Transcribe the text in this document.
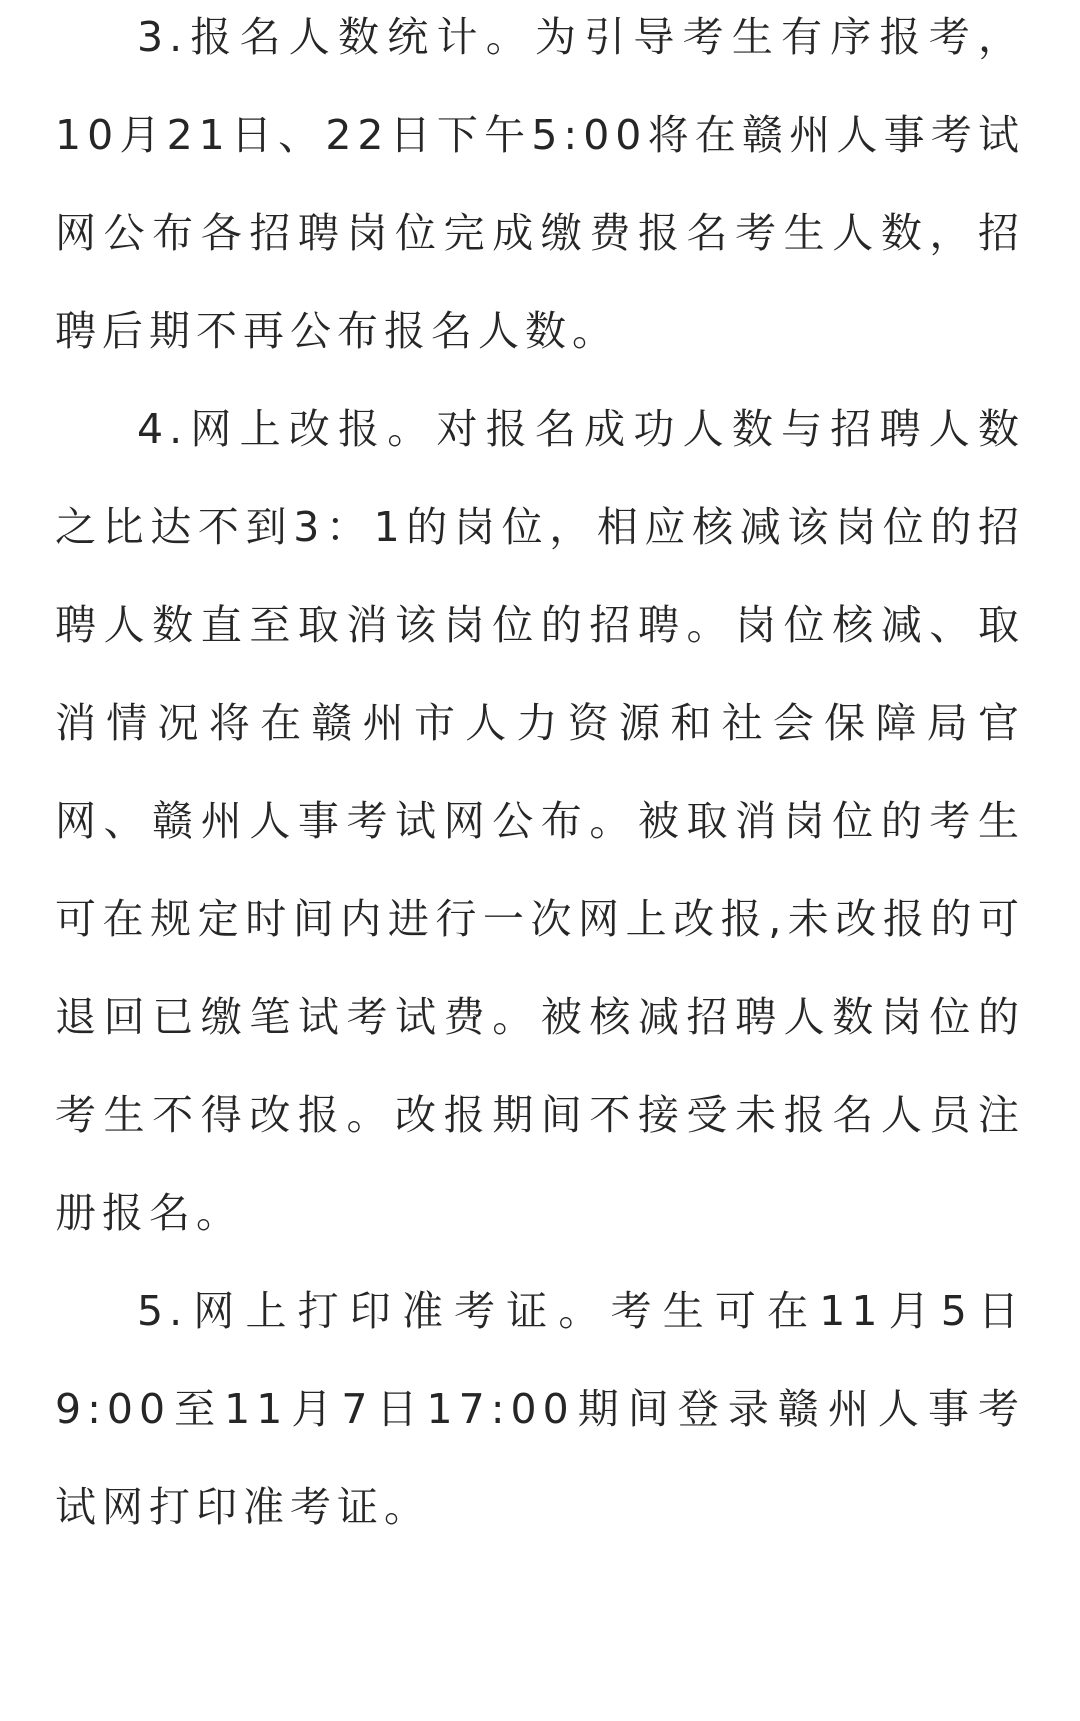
3.报名人数统计。为引导考生有序报考，10月21日、22日下午5:00将在赣州人事考试网公布各招聘岗位完成缴费报名考生人数，招聘后期不再公布报名人数。

4.网上改报。对报名成功人数与招聘人数之比达不到3：1的岗位，相应核减该岗位的招聘人数直至取消该岗位的招聘。岗位核减、取消情况将在赣州市人力资源和社会保障局官网、赣州人事考试网公布。被取消岗位的考生可在规定时间内进行一次网上改报,未改报的可退回已缴笔试考试费。被核减招聘人数岗位的考生不得改报。改报期间不接受未报名人员注册报名。

5.网上打印准考证。考生可在11月5日9:00至11月7日17:00期间登录赣州人事考试网打印准考证。
